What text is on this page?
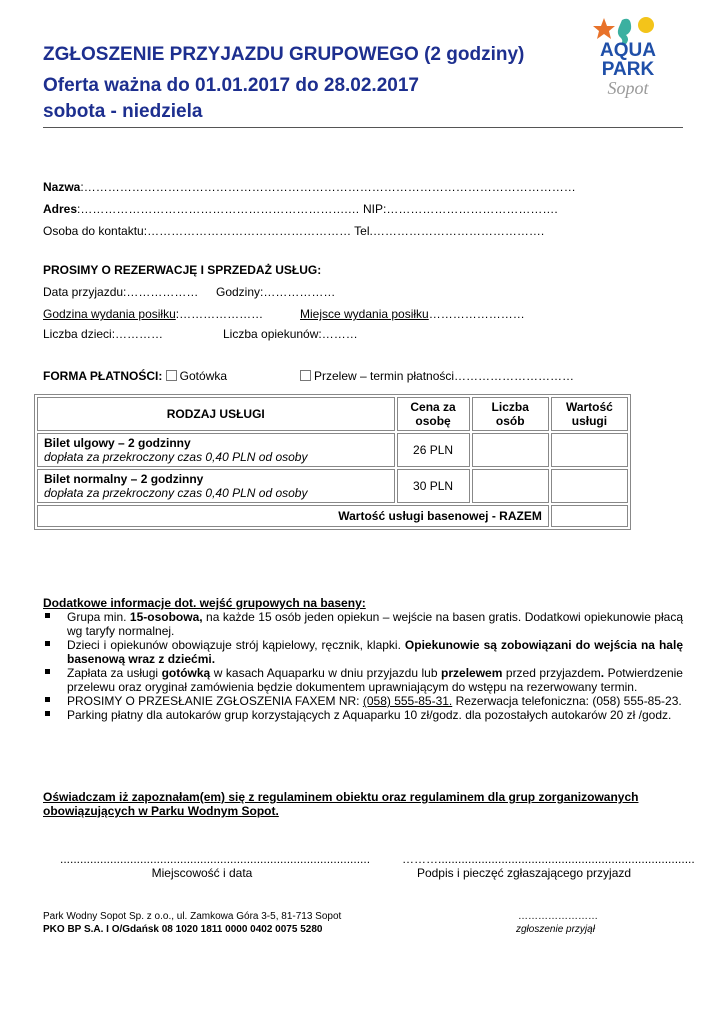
ZGŁOSZENIE PRZYJAZDU GRUPOWEGO (2 godziny)
Oferta ważna do 01.01.2017 do 28.02.2017
sobota - niedziela
AQUA
PARK
Sopot
Nazwa:……………………………………………………………………………………………………………
Adres:………………………………………………………….… NIP:…………………………………….
Osoba do kontaktu:…………………………………………… Tel.…………………………………….
PROSIMY O REZERWACJĘ I SPRZEDAŻ USŁUG:
Data przyjazdu:……………… Godziny:………………
Godzina wydania posiłku:…………………	Miejsce wydania posiłku……………………
Liczba dzieci:…………	Liczba opiekunów:………
FORMA PŁATNOŚCI: Gotówka	Przelew – termin płatności…………………………
RODZAJ USŁUGI	Cena za osobę	Liczba osób	Wartość usługi

Bilet ulgowy – 2 godzinny
dopłata za przekroczony czas 0,40 PLN od osoby	26 PLN		

Bilet normalny – 2 godzinny
dopłata za przekroczony czas 0,40 PLN od osoby	30 PLN		
Wartość usługi basenowej - RAZEM			
Dodatkowe informacje dot. wejść grupowych na baseny:
Grupa min. 15-osobowa, na każde 15 osób jeden opiekun – wejście na basen gratis. Dodatkowi opiekunowie płacą wg taryfy normalnej.
Dzieci i opiekunów obowiązuje strój kąpielowy, ręcznik, klapki. Opiekunowie są zobowiązani do wejścia na halę basenową wraz z dziećmi.
Zapłata za usługi gotówką w kasach Aquaparku w dniu przyjazdu lub przelewem przed przyjazdem. Potwierdzenie przelewu oraz oryginał zamówienia będzie dokumentem uprawniającym do wstępu na rezerwowany termin.
PROSIMY O PRZESŁANIE ZGŁOSZENIA FAXEM NR: (058) 555-85-31. Rezerwacja telefoniczna: (058) 555-85-23.
Parking płatny dla autokarów grup korzystających z Aquaparku 10 zł/godz. dla pozostałych autokarów 20 zł /godz.
Oświadczam iż zapoznałam(em) się z regulaminem obiektu oraz regulaminem dla grup zorganizowanych obowiązujących w Parku Wodnym Sopot.
.............................................................................................
Miejscowość i data
……….............................................................................
Podpis i pieczęć zgłaszającego przyjazd
Park Wodny Sopot Sp. z o.o., ul. Zamkowa Góra 3-5, 81-713 Sopot
PKO BP S.A. I O/Gdańsk 08 1020 1811 0000 0402 0075 5280
……………………
zgłoszenie przyjął
